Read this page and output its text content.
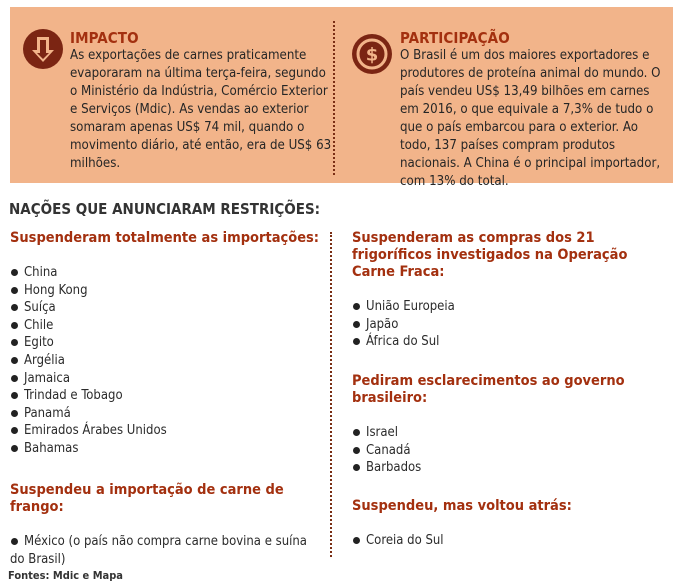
IMPACTO

As exportações de carnes praticamente evaporaram na última terça-feira, segundo o Ministério da Indústria, Comércio Exterior e Serviços (Mdic). As vendas ao exterior somaram apenas US$ 74 mil, quando o movimento diário, até então, era de US$ 63 milhões.

$
PARTICIPAÇÃO

O Brasil é um dos maiores exportadores e produtores de proteína animal do mundo. O país vendeu US$ 13,49 bilhões em carnes em 2016, o que equivale a 7,3% de tudo o que o país embarcou para o exterior. Ao todo, 137 países compram produtos nacionais. A China é o principal importador, com 13% do total.

NAÇÕES QUE ANUNCIARAM RESTRIÇÕES:
Suspenderam totalmente as importações:
China
Hong Kong
Suíça
Chile
Egito
Argélia
Jamaica
Trindad e Tobago
Panamá
Emirados Árabes Unidos
Bahamas
Suspendeu a importação de carne de frango:
México (o país não compra carne bovina e suína do Brasil)
Suspenderam as compras dos 21 frigoríficos investigados na Operação Carne Fraca:
União Europeia
Japão
África do Sul
Pediram esclarecimentos ao governo brasileiro:
Israel
Canadá
Barbados
Suspendeu, mas voltou atrás:
Coreia do Sul

Fontes: Mdic e Mapa
